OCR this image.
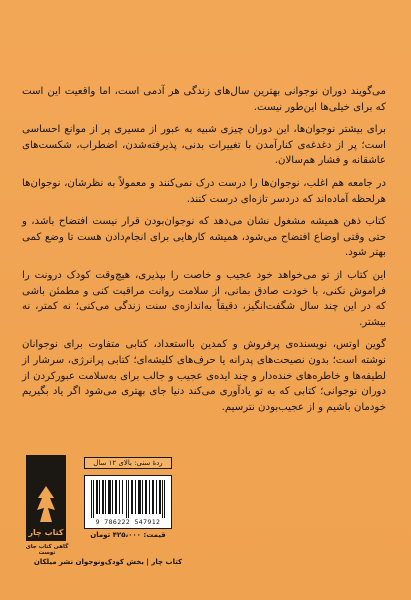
می‌گویند دوران نوجوانی بهترین سال‌های زندگی هر آدمی است، اما واقعیت این است که برای خیلی‌ها این‌طور نیست.

برای بیشتر نوجوان‌ها، این دوران چیزی شبیه به عبور از مسیری پر از موانع احساسی است؛ پر از دغدغه‌ی کنارآمدن با تغییرات بدنی، پذیرفته‌شدن، اضطراب، شکست‌های عاشقانه و فشار هم‌سالان.

در جامعه هم اغلب، نوجوان‌ها را درست درک نمی‌کنند و معمولاً به نظرشان، نوجوان‌ها هرلحظه آماده‌اند که دردسر تازه‌ای درست کنند.

کتاب ذهن همیشه مشغول نشان می‌دهد که نوجوان‌بودن قرار نیست افتضاح باشد، و حتی وقتی اوضاع افتضاح می‌شود، همیشه کارهایی برای انجام‌دادن هست تا وضع کمی بهتر شود.

این کتاب از تو می‌خواهد خود عجیب و خاصت را بپذیری، هیچ‌وقت کودک درونت را فراموش نکنی، با خودت صادق بمانی، از سلامت روانت مراقبت کنی و مطمئن باشی که در این چند سال شگفت‌انگیز، دقیقاً به‌اندازه‌ی سنت زندگی می‌کنی؛ نه کمتر، نه بیشتر.

گوین اوتس، نویسنده‌ی پرفروش و کمدین بااستعداد، کتابی متفاوت برای نوجوانان نوشته است؛ بدون نصیحت‌های پدرانه یا حرف‌های کلیشه‌ای؛ کتابی پرانرژی، سرشار از لطیفه‌ها و خاطره‌های خنده‌دار و چند ایده‌ی عجیب و جالب برای به‌سلامت عبورکردن از دوران نوجوانی؛ کتابی که به تو یادآوری می‌کند دنیا جای بهتری می‌شود اگر یاد بگیریم خودمان باشیم و از عجیب‌بودن نترسیم.

کتاب چار
گاهی کتاب جای توست
ردهٔ سنی: بالای ۱۲ سال
9 786222 547912
قیمت: ۴۲۵،۰۰۰ تومان
کتاب چار | بخش کودک‌ونوجوان نشر میلکان
